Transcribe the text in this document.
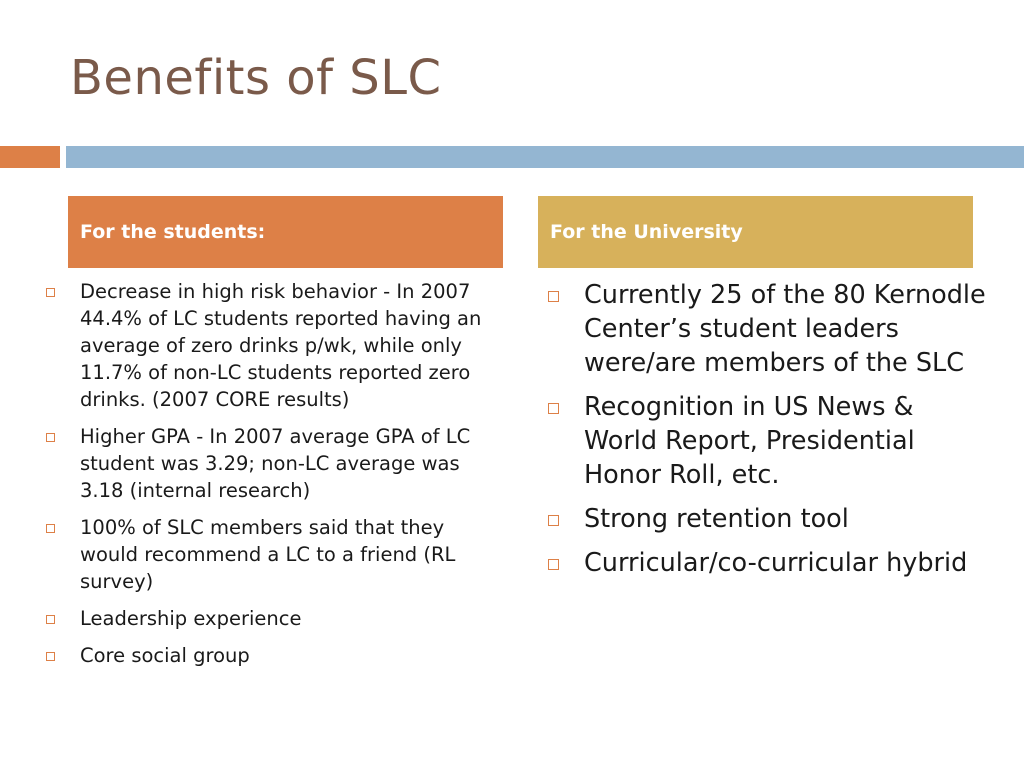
Benefits of SLC
For the students:	For the University
Decrease in high risk behavior - In 2007 44.4% of LC students reported having an average of zero drinks p/wk, while only 11.7% of non-LC students reported zero drinks. (2007 CORE results)
Higher GPA - In 2007 average GPA of LC student was 3.29; non-LC average was 3.18 (internal research)
100% of SLC members said that they would recommend a LC to a friend (RL survey)
Leadership experience
Core social group
Currently 25 of the 80 Kernodle Center’s student leaders were/are members of the SLC
Recognition in US News & World Report, Presidential Honor Roll, etc.
Strong retention tool
Curricular/co-curricular hybrid
